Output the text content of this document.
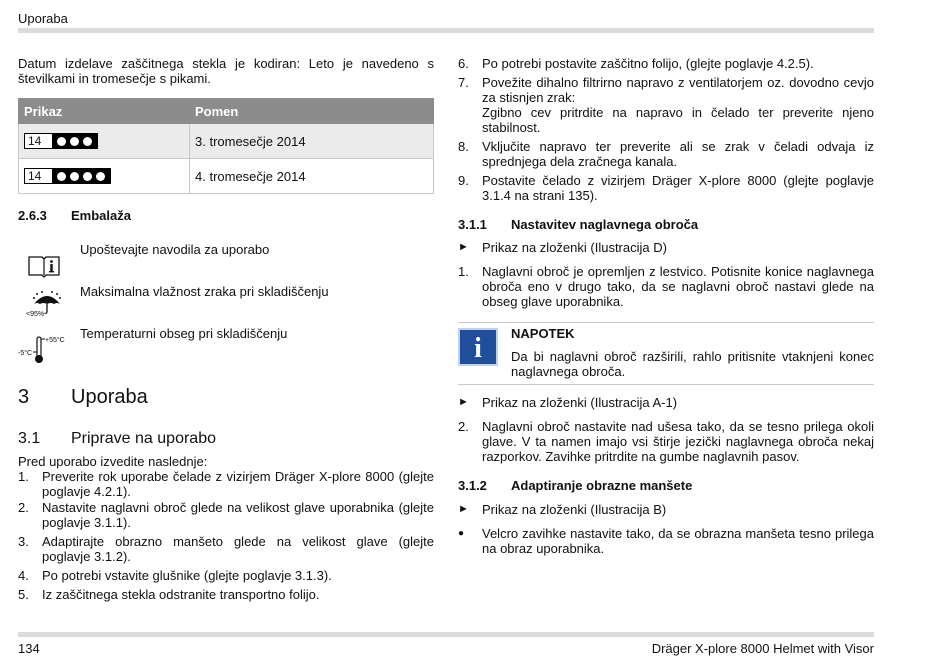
Uporaba

Datum izdelave zaščitnega stekla je kodiran: Leto je navedeno s številkami in tromesečje s pikami.

Prikaz	Pomen

14	3. tromesečje 2014

14	4. tromesečje 2014
2.6.3 Embalaža
Upoštevajte navodila za uporabo
<95%
Maksimalna vlažnost zraka pri skladiščenju
-5°C
+55°C Temperaturni obseg pri skladiščenju
3 Uporaba
3.1 Priprave na uporabo
Pred uporabo izvedite naslednje:
1. Preverite rok uporabe čelade z vizirjem Dräger X-plore 8000 (glejte poglavje 4.2.1).
2. Nastavite naglavni obroč glede na velikost glave uporabnika (glejte poglavje 3.1.1).
3. Adaptirajte obrazno manšeto glede na velikost glave (glejte poglavje 3.1.2).
4. Po potrebi vstavite glušnike (glejte poglavje 3.1.3).
5. Iz zaščitnega stekla odstranite transportno folijo.
6. Po potrebi postavite zaščitno folijo, (glejte poglavje 4.2.5).
7. Povežite dihalno filtrirno napravo z ventilatorjem oz. dovodno cevjo za stisnjen zrak:
Zgibno cev pritrdite na napravo in čelado ter preverite njeno stabilnost.
8. Vključite napravo ter preverite ali se zrak v čeladi odvaja iz sprednjega dela zračnega kanala.
9. Postavite čelado z vizirjem Dräger X-plore 8000 (glejte poglavje 3.1.4 na strani 135).
3.1.1 Nastavitev naglavnega obroča
► Prikaz na zloženki (Ilustracija D)
1. Naglavni obroč je opremljen z lestvico. Potisnite konice naglavnega obroča eno v drugo tako, da se naglavni obroč nastavi glede na obseg glave uporabnika.
i	NAPOTEK
Da bi naglavni obroč razširili, rahlo pritisnite vtaknjeni konec naglavnega obroča.
► Prikaz na zloženki (Ilustracija A-1)
2. Naglavni obroč nastavite nad ušesa tako, da se tesno prilega okoli glave. V ta namen imajo vsi štirje jezički naglavnega obroča nekaj razporkov. Zavihke pritrdite na gumbe naglavnih pasov.
3.1.2 Adaptiranje obrazne manšete
► Prikaz na zloženki (Ilustracija B)
● Velcro zavihke nastavite tako, da se obrazna manšeta tesno prilega na obraz uporabnika.
134	Dräger X-plore 8000 Helmet with Visor
